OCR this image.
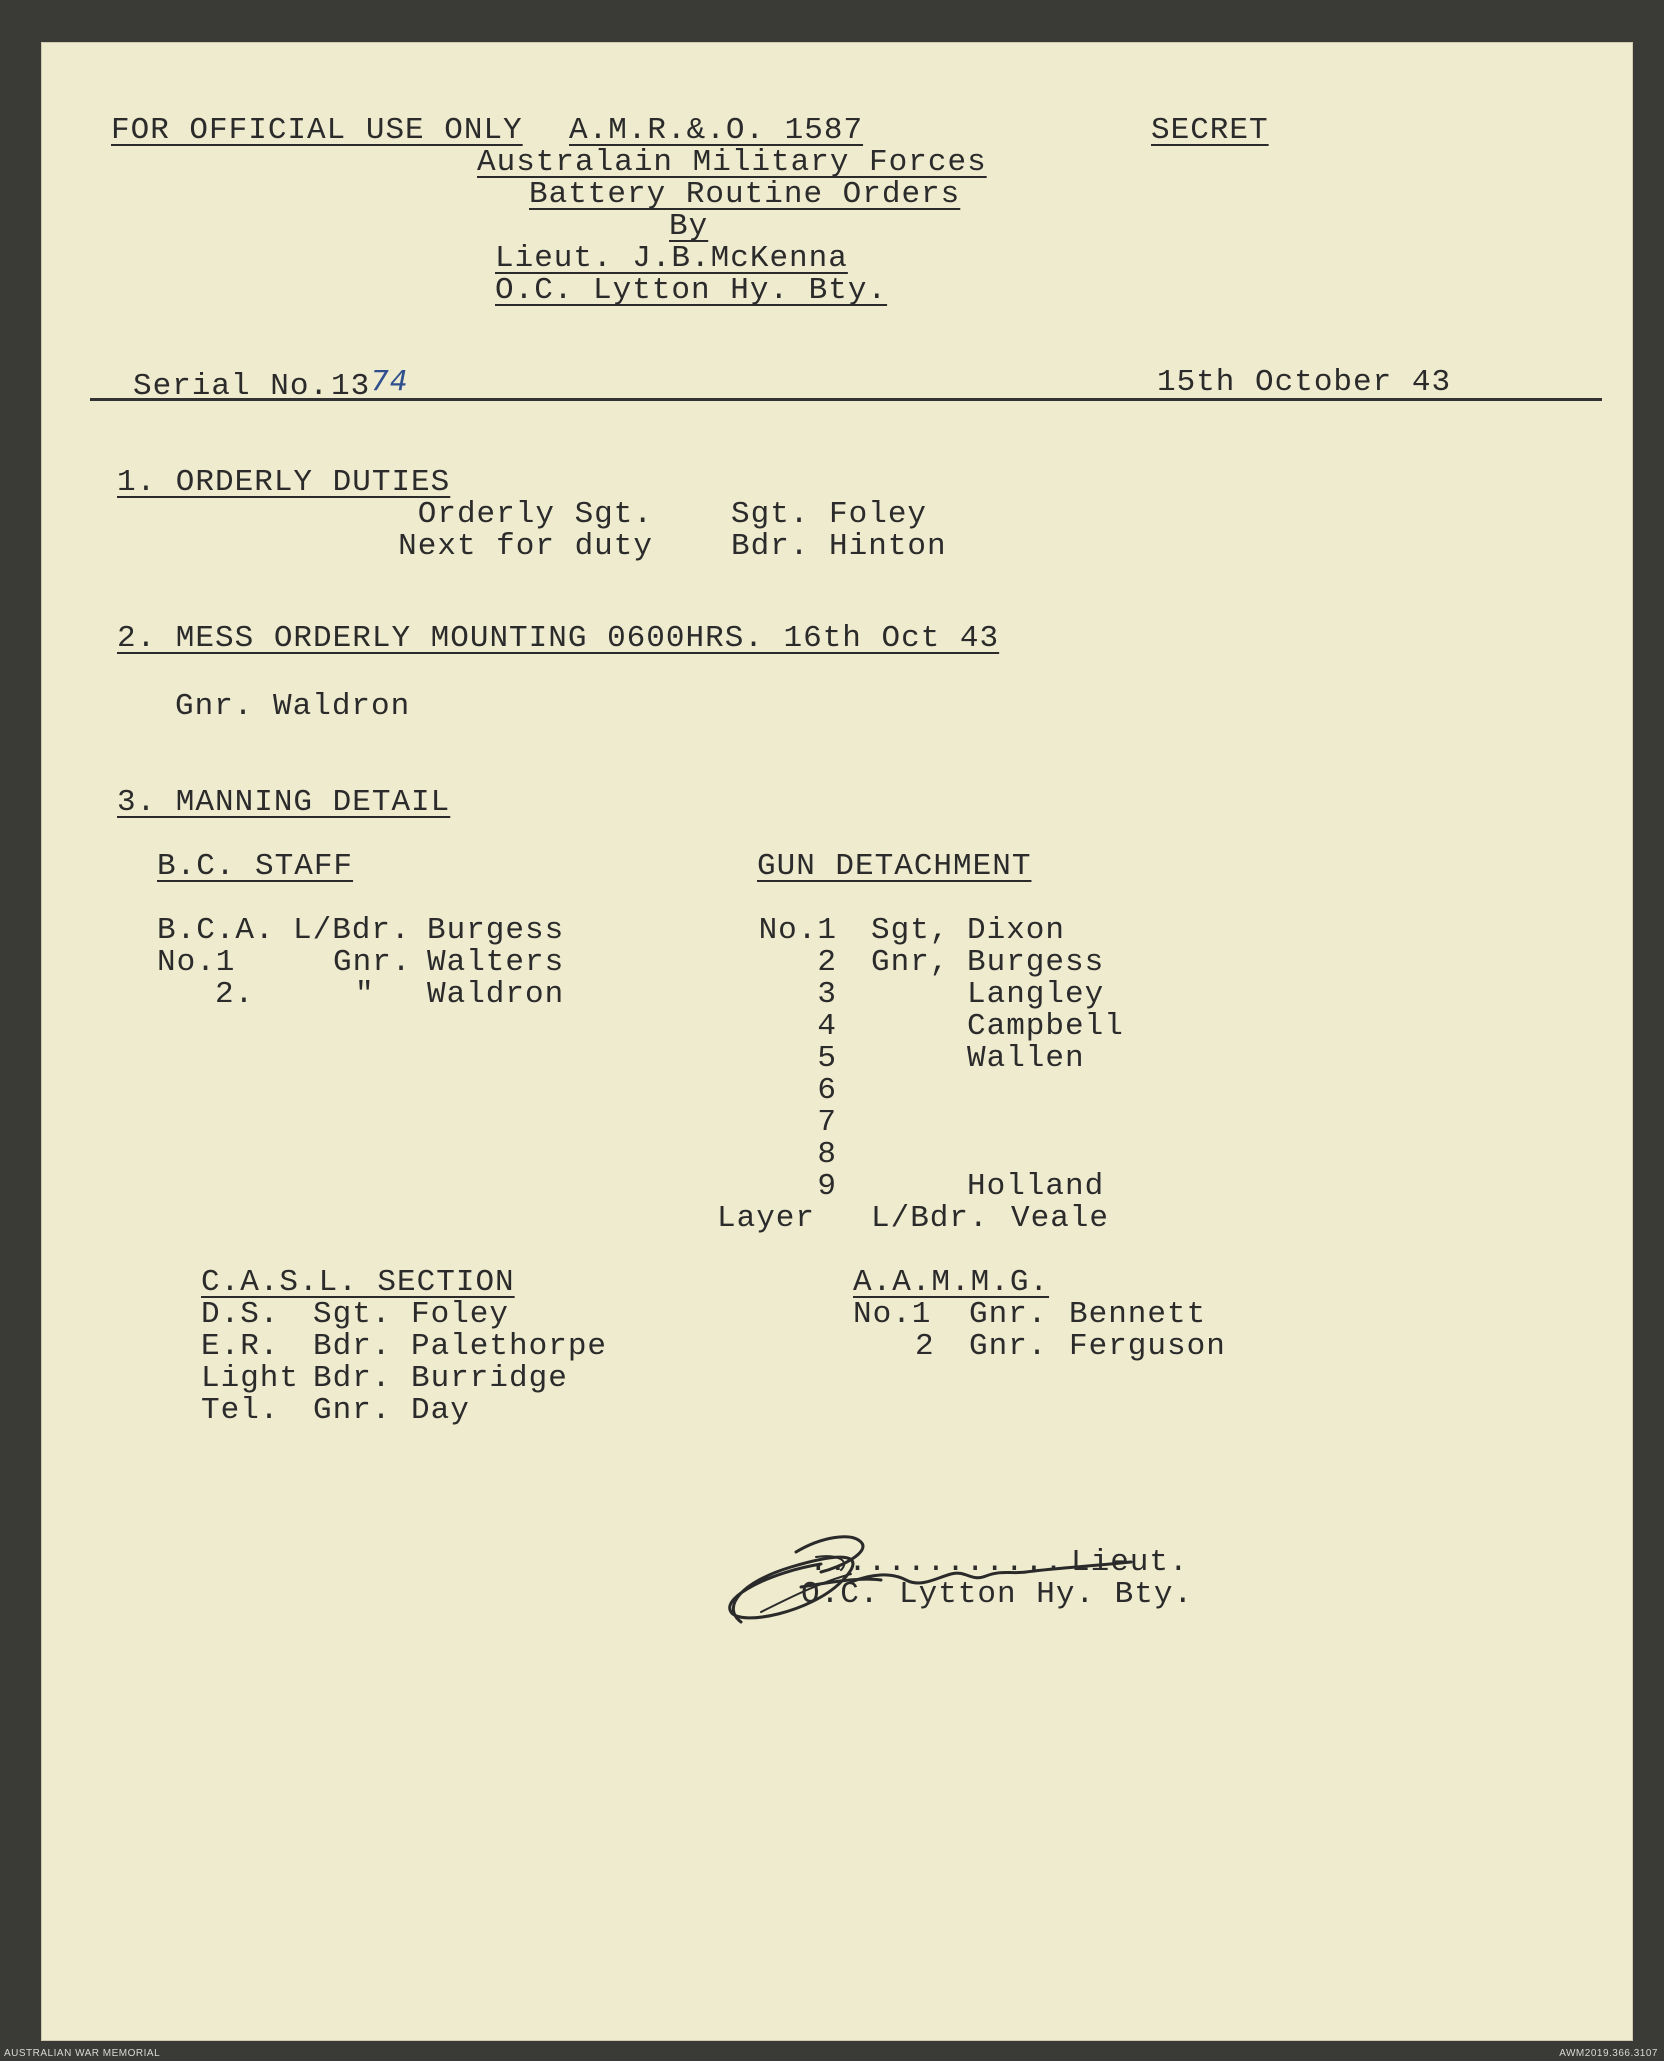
FOR OFFICIAL USE ONLY A.M.R.&.O. 1587	SECRET
Australain Military Forces
Battery Routine Orders
By
Lieut. J.B.McKenna
O.C. Lytton Hy. Bty.
Serial No. 13 74	15th October 43
1. ORDERLY DUTIES
Orderly Sgt.	Sgt. Foley
Next for duty	Bdr. Hinton
2. MESS ORDERLY MOUNTING 0600HRS. 16th Oct 43
Gnr. Waldron
3. MANNING DETAIL
B.C. STAFF
B.C.A. L/Bdr. Burgess
No.1	Gnr. Walters
2.	" Waldron
GUN DETACHMENT
No.1 Sgt, Dixon
2 Gnr, Burgess
3	Langley
4	Campbell
5	Wallen
6
7
8
9	Holland
Layer L/Bdr. Veale
C.A.S.L. SECTION
D.S. Sgt. Foley
E.R. Bdr. Palethorpe
Light Bdr. Burridge
Tel. Gnr. Day
A.A.M.M.G.
No.1 Gnr. Bennett
2 Gnr. Ferguson
............. Lieut.
O.C. Lytton Hy. Bty.
AUSTRALIAN WAR MEMORIAL	AWM2019.366.3107
